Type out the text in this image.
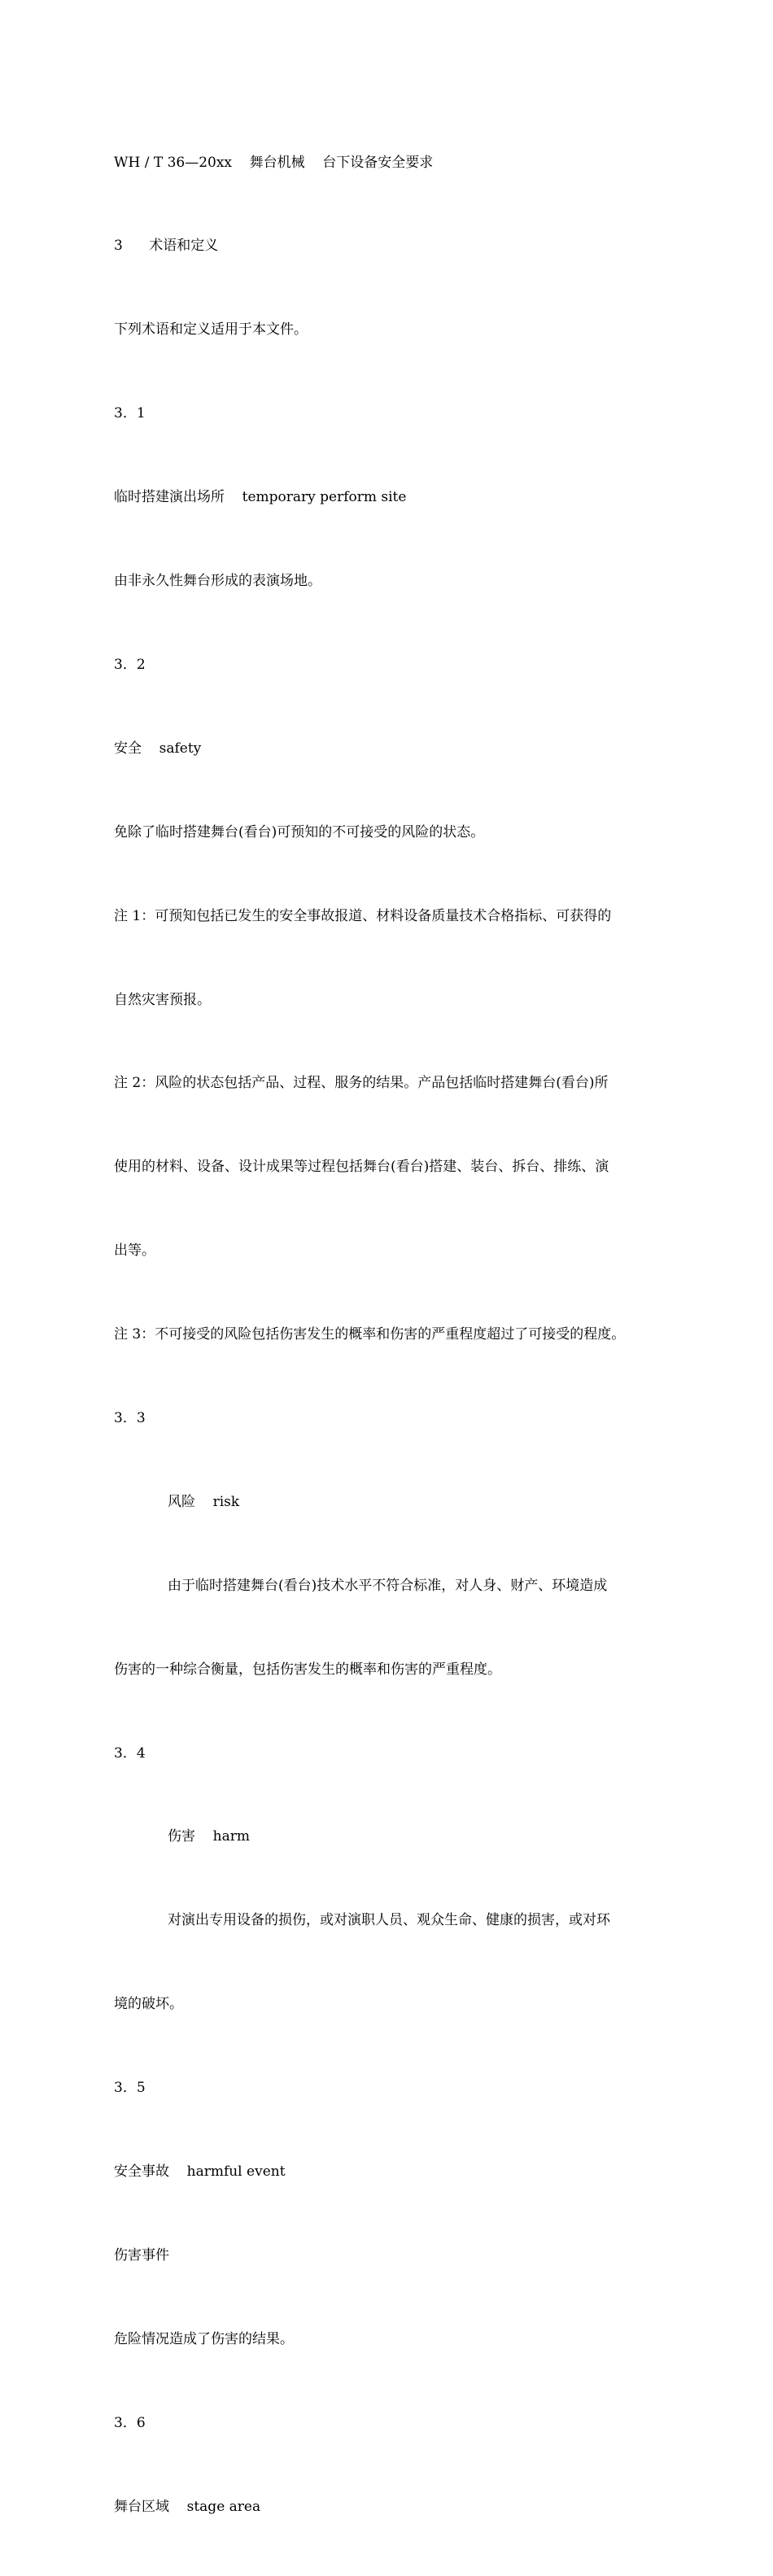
WH / T 36—20xx    舞台机械    台下设备安全要求

3      术语和定义

下列术语和定义适用于本文件。

3．1

临时搭建演出场所    temporary perform site

由非永久性舞台形成的表演场地。

3．2

安全    safety

免除了临时搭建舞台(看台)可预知的不可接受的风险的状态。

注 1：可预知包括已发生的安全事故报道、材料设备质量技术合格指标、可获得的

自然灾害预报。

注 2：风险的状态包括产品、过程、服务的结果。产品包括临时搭建舞台(看台)所

使用的材料、设备、设计成果等过程包括舞台(看台)搭建、装台、拆台、排练、演

出等。

注 3：不可接受的风险包括伤害发生的概率和伤害的严重程度超过了可接受的程度。

3．3

风险    risk

由于临时搭建舞台(看台)技术水平不符合标准，对人身、财产、环境造成

伤害的一种综合衡量，包括伤害发生的概率和伤害的严重程度。

3．4

伤害    harm

对演出专用设备的损伤，或对演职人员、观众生命、健康的损害，或对环

境的破坏。

3．5

安全事故    harmful event

伤害事件

危险情况造成了伤害的结果。

3．6

舞台区域    stage area
